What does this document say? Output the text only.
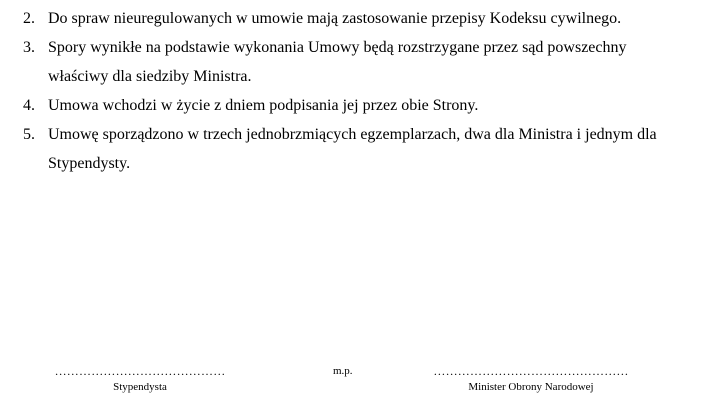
2. Do spraw nieuregulowanych w umowie mają zastosowanie przepisy Kodeksu cywilnego.
3. Spory wynikłe na podstawie wykonania Umowy będą rozstrzygane przez sąd powszechny właściwy dla siedziby Ministra.
4. Umowa wchodzi w życie z dniem podpisania jej przez obie Strony.
5. Umowę sporządzono w trzech jednobrzmiących egzemplarzach, dwa dla Ministra i jednym dla Stypendysty.
……………………………………
Stypendysta
m.p.	…………………………………………
Minister Obrony Narodowej
